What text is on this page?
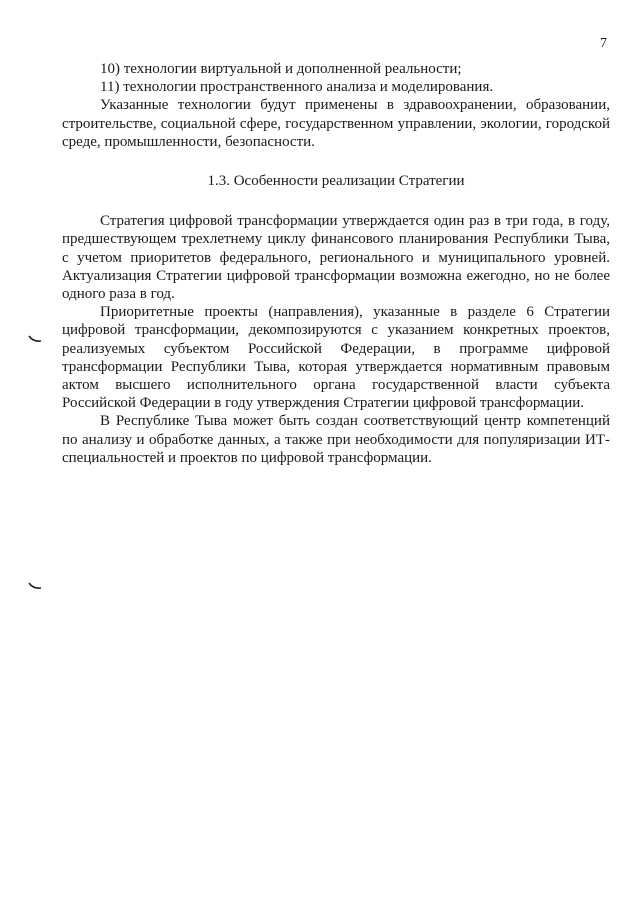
7

10) технологии виртуальной и дополненной реальности;

11) технологии пространственного анализа и моделирования.

Указанные технологии будут применены в здравоохранении, образовании, строительстве, социальной сфере, государственном управлении, экологии, городской среде, промышленности, безопасности.

1.3. Особенности реализации Стратегии

Стратегия цифровой трансформации утверждается один раз в три года, в году, предшествующем трехлетнему циклу финансового планирования Республики Тыва, с учетом приоритетов федерального, регионального и муниципального уровней. Актуализация Стратегии цифровой трансформации возможна ежегодно, но не более одного раза в год.

Приоритетные проекты (направления), указанные в разделе 6 Стратегии цифровой трансформации, декомпозируются с указанием конкретных проектов, реализуемых субъектом Российской Федерации, в программе цифровой трансформации Республики Тыва, которая утверждается нормативным правовым актом высшего исполнительного органа государственной власти субъекта Российской Федерации в году утверждения Стратегии цифровой трансформации.

В Республике Тыва может быть создан соответствующий центр компетенций по анализу и обработке данных, а также при необходимости для популяризации ИТ-специальностей и проектов по цифровой трансформации.
